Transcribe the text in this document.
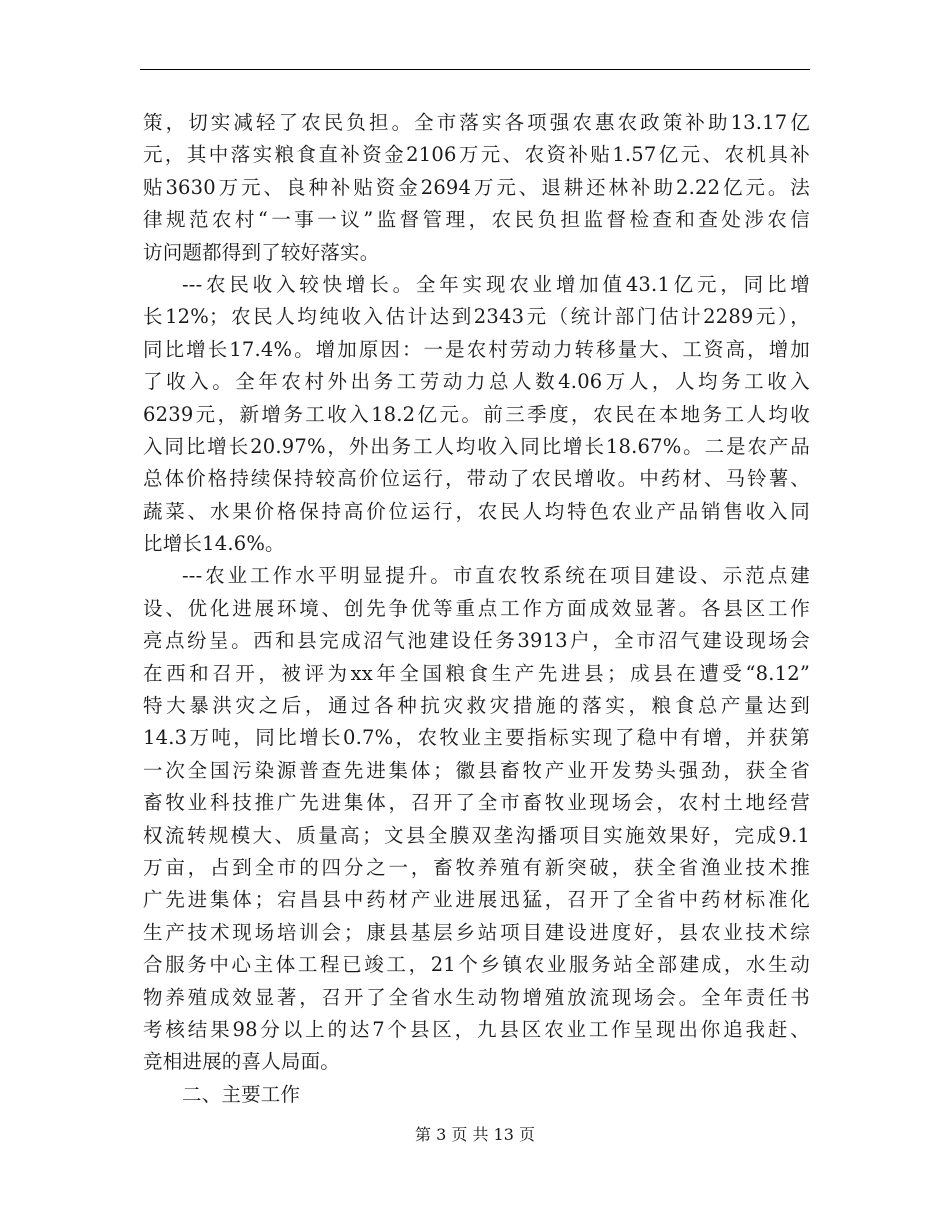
策，切实减轻了农民负担。全市落实各项强农惠农政策补助13.17亿
元，其中落实粮食直补资金2106万元、农资补贴1.57亿元、农机具补
贴3630万元、良种补贴资金2694万元、退耕还林补助2.22亿元。法
律规范农村“一事一议”监督管理，农民负担监督检查和查处涉农信
访问题都得到了较好落实。
---农民收入较快增长。全年实现农业增加值43.1亿元，同比增
长12%；农民人均纯收入估计达到2343元（统计部门估计2289元），
同比增长17.4%。增加原因：一是农村劳动力转移量大、工资高，增加
了收入。全年农村外出务工劳动力总人数4.06万人，人均务工收入
6239元，新增务工收入18.2亿元。前三季度，农民在本地务工人均收
入同比增长20.97%，外出务工人均收入同比增长18.67%。二是农产品
总体价格持续保持较高价位运行，带动了农民增收。中药材、马铃薯、
蔬菜、水果价格保持高价位运行，农民人均特色农业产品销售收入同
比增长14.6%。
---农业工作水平明显提升。市直农牧系统在项目建设、示范点建
设、优化进展环境、创先争优等重点工作方面成效显著。各县区工作
亮点纷呈。西和县完成沼气池建设任务3913户，全市沼气建设现场会
在西和召开，被评为xx年全国粮食生产先进县；成县在遭受“8.12”
特大暴洪灾之后，通过各种抗灾救灾措施的落实，粮食总产量达到
14.3万吨，同比增长0.7%，农牧业主要指标实现了稳中有增，并获第
一次全国污染源普查先进集体；徽县畜牧产业开发势头强劲，获全省
畜牧业科技推广先进集体，召开了全市畜牧业现场会，农村土地经营
权流转规模大、质量高；文县全膜双垄沟播项目实施效果好，完成9.1
万亩，占到全市的四分之一，畜牧养殖有新突破，获全省渔业技术推
广先进集体；宕昌县中药材产业进展迅猛，召开了全省中药材标准化
生产技术现场培训会；康县基层乡站项目建设进度好，县农业技术综
合服务中心主体工程已竣工，21个乡镇农业服务站全部建成，水生动
物养殖成效显著，召开了全省水生动物增殖放流现场会。全年责任书
考核结果98分以上的达7个县区，九县区农业工作呈现出你追我赶、
竞相进展的喜人局面。
二、主要工作
第 3 页 共 13 页
